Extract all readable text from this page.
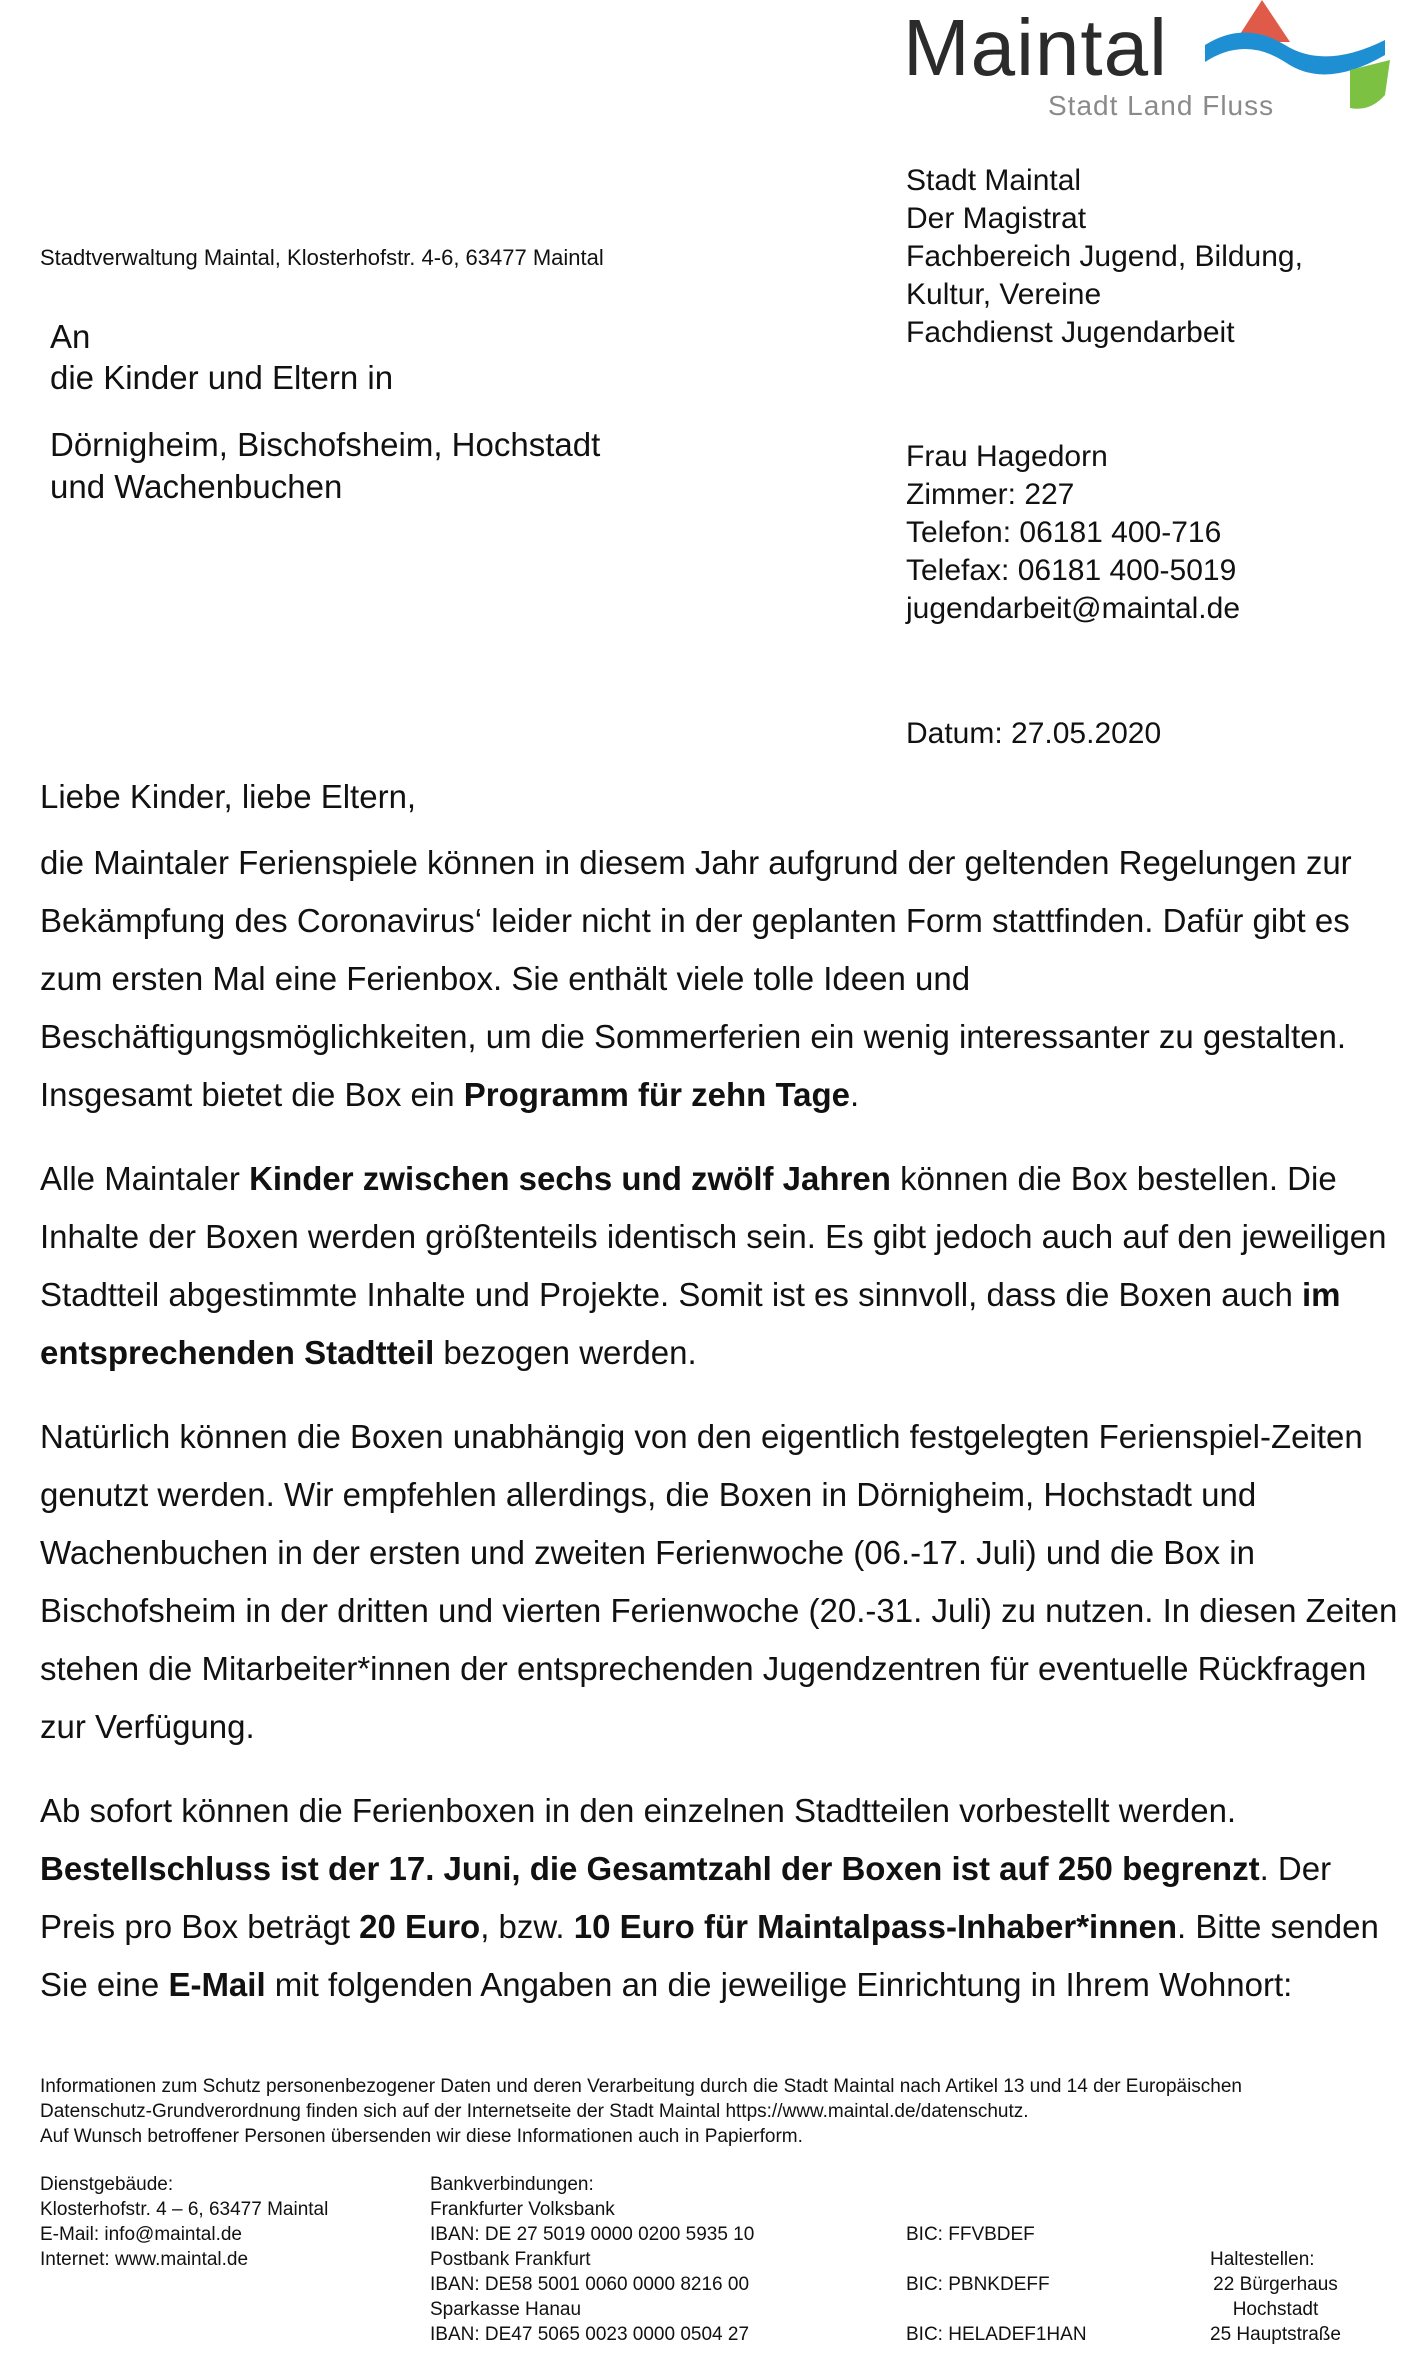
Maintal
Stadt Land Fluss
Stadtverwaltung Maintal, Klosterhofstr. 4-6, 63477 Maintal
An
die Kinder und Eltern in
Dörnigheim, Bischofsheim, Hochstadt
und Wachenbuchen
Stadt Maintal
Der Magistrat
Fachbereich Jugend, Bildung,
Kultur, Vereine
Fachdienst Jugendarbeit
Frau Hagedorn
Zimmer: 227
Telefon: 06181 400-716
Telefax: 06181 400-5019
jugendarbeit@maintal.de
Datum: 27.05.2020
Liebe Kinder, liebe Eltern,
die Maintaler Ferienspiele können in diesem Jahr aufgrund der geltenden Regelungen zur
Bekämpfung des Coronavirus‘ leider nicht in der geplanten Form stattfinden. Dafür gibt es
zum ersten Mal eine Ferienbox. Sie enthält viele tolle Ideen und
Beschäftigungsmöglichkeiten, um die Sommerferien ein wenig interessanter zu gestalten.
Insgesamt bietet die Box ein Programm für zehn Tage.
Alle Maintaler Kinder zwischen sechs und zwölf Jahren können die Box bestellen. Die
Inhalte der Boxen werden größtenteils identisch sein. Es gibt jedoch auch auf den jeweiligen
Stadtteil abgestimmte Inhalte und Projekte. Somit ist es sinnvoll, dass die Boxen auch im
entsprechenden Stadtteil bezogen werden.
Natürlich können die Boxen unabhängig von den eigentlich festgelegten Ferienspiel-Zeiten
genutzt werden. Wir empfehlen allerdings, die Boxen in Dörnigheim, Hochstadt und
Wachenbuchen in der ersten und zweiten Ferienwoche (06.-17. Juli) und die Box in
Bischofsheim in der dritten und vierten Ferienwoche (20.-31. Juli) zu nutzen. In diesen Zeiten
stehen die Mitarbeiter*innen der entsprechenden Jugendzentren für eventuelle Rückfragen
zur Verfügung.
Ab sofort können die Ferienboxen in den einzelnen Stadtteilen vorbestellt werden.
Bestellschluss ist der 17. Juni, die Gesamtzahl der Boxen ist auf 250 begrenzt. Der
Preis pro Box beträgt 20 Euro, bzw. 10 Euro für Maintalpass-Inhaber*innen. Bitte senden
Sie eine E-Mail mit folgenden Angaben an die jeweilige Einrichtung in Ihrem Wohnort:
Informationen zum Schutz personenbezogener Daten und deren Verarbeitung durch die Stadt Maintal nach Artikel 13 und 14 der Europäischen
Datenschutz-Grundverordnung finden sich auf der Internetseite der Stadt Maintal https://www.maintal.de/datenschutz.
Auf Wunsch betroffener Personen übersenden wir diese Informationen auch in Papierform.
Dienstgebäude:
Klosterhofstr. 4 – 6, 63477 Maintal
E-Mail: info@maintal.de
Internet: www.maintal.de
Bankverbindungen:
Frankfurter Volksbank
IBAN: DE 27 5019 0000 0200 5935 10
Postbank Frankfurt
IBAN: DE58 5001 0060 0000 8216 00
Sparkasse Hanau
IBAN: DE47 5065 0023 0000 0504 27
BIC: FFVBDEF
BIC: PBNKDEFF
BIC: HELADEF1HAN
Haltestellen:
22 Bürgerhaus
Hochstadt
25 Hauptstraße
